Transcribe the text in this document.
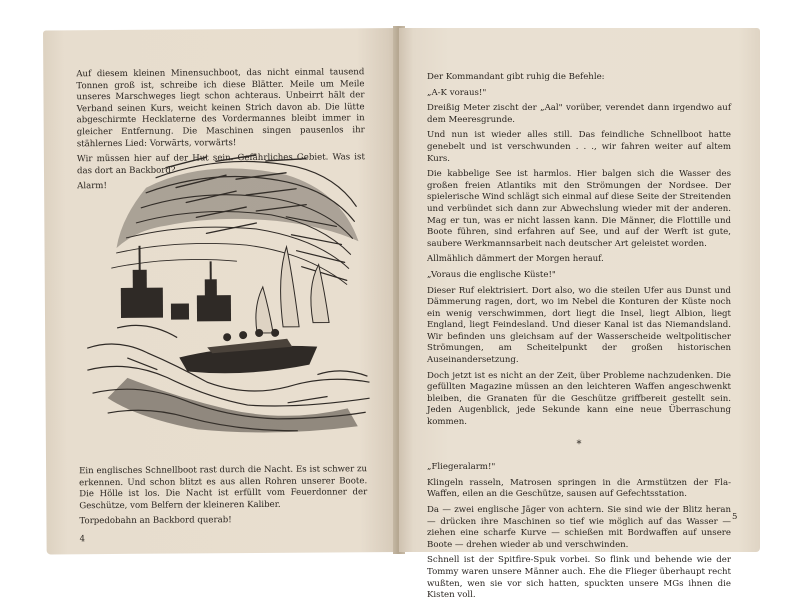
Auf diesem kleinen Minensuchboot, das nicht einmal tausend Tonnen groß ist, schreibe ich diese Blätter. Meile um Meile unseres Marschweges liegt schon achteraus. Unbeirrt hält der Verband seinen Kurs, weicht keinen Strich davon ab. Die lütte abgeschirmte Hecklaterne des Vordermannes bleibt immer in gleicher Entfernung. Die Maschinen singen pausenlos ihr stählernes Lied: Vorwärts, vorwärts!

Wir müssen hier auf der Hut sein. Gefährliches Gebiet. Was ist das dort an Backbord?

Alarm!

Ein englisches Schnellboot rast durch die Nacht. Es ist schwer zu erkennen. Und schon blitzt es aus allen Rohren unserer Boote. Die Hölle ist los. Die Nacht ist erfüllt vom Feuerdonner der Geschütze, vom Belfern der kleineren Kaliber.

Torpedobahn an Backbord querab!

4

Der Kommandant gibt ruhig die Befehle:

„A-K voraus!"

Dreißig Meter zischt der „Aal" vorüber, verendet dann irgendwo auf dem Meeresgrunde.

Und nun ist wieder alles still. Das feindliche Schnellboot hatte genebelt und ist verschwunden . . ., wir fahren weiter auf altem Kurs.

Die kabbelige See ist harmlos. Hier balgen sich die Wasser des großen freien Atlantiks mit den Strömungen der Nordsee. Der spielerische Wind schlägt sich einmal auf diese Seite der Streitenden und verbündet sich dann zur Abwechslung wieder mit der anderen. Mag er tun, was er nicht lassen kann. Die Männer, die Flottille und Boote führen, sind erfahren auf See, und auf der Werft ist gute, saubere Werkmannsarbeit nach deutscher Art geleistet worden.

Allmählich dämmert der Morgen herauf.

„Voraus die englische Küste!"

Dieser Ruf elektrisiert. Dort also, wo die steilen Ufer aus Dunst und Dämmerung ragen, dort, wo im Nebel die Konturen der Küste noch ein wenig verschwimmen, dort liegt die Insel, liegt Albion, liegt England, liegt Feindesland. Und dieser Kanal ist das Niemandsland. Wir befinden uns gleichsam auf der Wasserscheide weltpolitischer Strömungen, am Scheitelpunkt der großen historischen Auseinandersetzung.

Doch jetzt ist es nicht an der Zeit, über Probleme nachzudenken. Die gefüllten Magazine müssen an den leichteren Waffen angeschwenkt bleiben, die Granaten für die Geschütze griffbereit gestellt sein. Jeden Augenblick, jede Sekunde kann eine neue Überraschung kommen.

*

„Fliegeralarm!"

Klingeln rasseln, Matrosen springen in die Armstützen der Fla-Waffen, eilen an die Geschütze, sausen auf Gefechtsstation.

Da — zwei englische Jäger von achtern. Sie sind wie der Blitz heran — drücken ihre Maschinen so tief wie möglich auf das Wasser — ziehen eine scharfe Kurve — schießen mit Bordwaffen auf unsere Boote — drehen wieder ab und verschwinden.

Schnell ist der Spitfire-Spuk vorbei. So flink und behende wie der Tommy waren unsere Männer auch. Ehe die Flieger überhaupt recht wußten, wen sie vor sich hatten, spuckten unsere MGs ihnen die Kisten voll.

5
